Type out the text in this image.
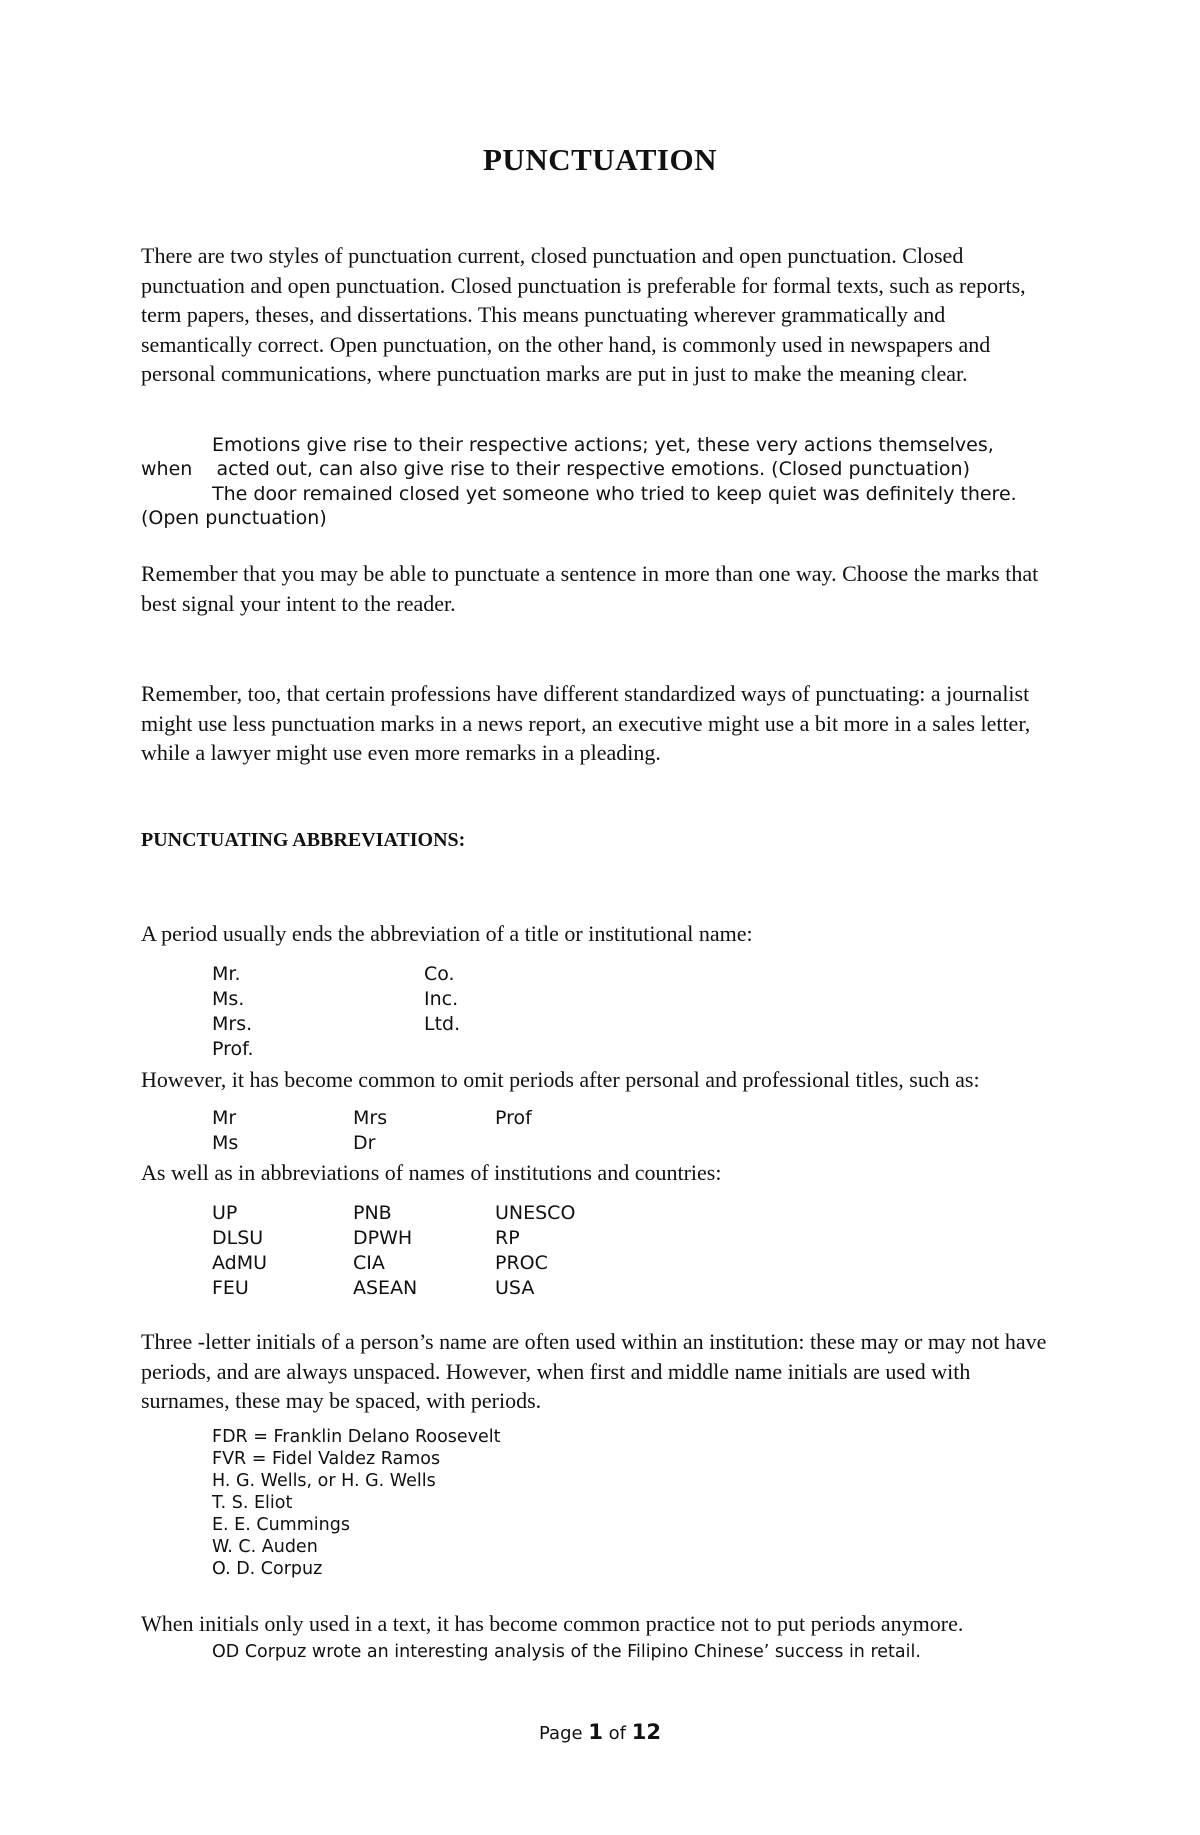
PUNCTUATION

There are two styles of punctuation current, closed punctuation and open punctuation. Closed punctuation and open punctuation. Closed punctuation is preferable for formal texts, such as reports, term papers, theses, and dissertations. This means punctuating wherever grammatically and semantically correct. Open punctuation, on the other hand, is commonly used in newspapers and personal communications, where punctuation marks are put in just to make the meaning clear.

Emotions give rise to their respective actions; yet, these very actions themselves,
when    acted out, can also give rise to their respective emotions. (Closed punctuation)
The door remained closed yet someone who tried to keep quiet was definitely there.
(Open punctuation)

Remember that you may be able to punctuate a sentence in more than one way. Choose the marks that best signal your intent to the reader.

Remember, too, that certain professions have different standardized ways of punctuating: a journalist might use less punctuation marks in a news report, an executive might use a bit more in a sales letter, while a lawyer might use even more remarks in a pleading.

PUNCTUATING ABBREVIATIONS:

A period usually ends the abbreviation of a title or institutional name:

Mr.
Ms.
Mrs.
Prof.
Co.
Inc.
Ltd.

However, it has become common to omit periods after personal and professional titles, such as:

Mr
Ms
Mrs
Dr
Prof

As well as in abbreviations of names of institutions and countries:

UP
DLSU
AdMU
FEU
PNB
DPWH
CIA
ASEAN
UNESCO
RP
PROC
USA

Three -letter initials of a person’s name are often used within an institution: these may or may not have periods, and are always unspaced. However, when first and middle name initials are used with surnames, these may be spaced, with periods.

FDR = Franklin Delano Roosevelt
FVR = Fidel Valdez Ramos
H. G. Wells, or H. G. Wells
T. S. Eliot
E. E. Cummings
W. C. Auden
O. D. Corpuz

When initials only used in a text, it has become common practice not to put periods anymore.

OD Corpuz wrote an interesting analysis of the Filipino Chinese’ success in retail.
Page 1 of 12
